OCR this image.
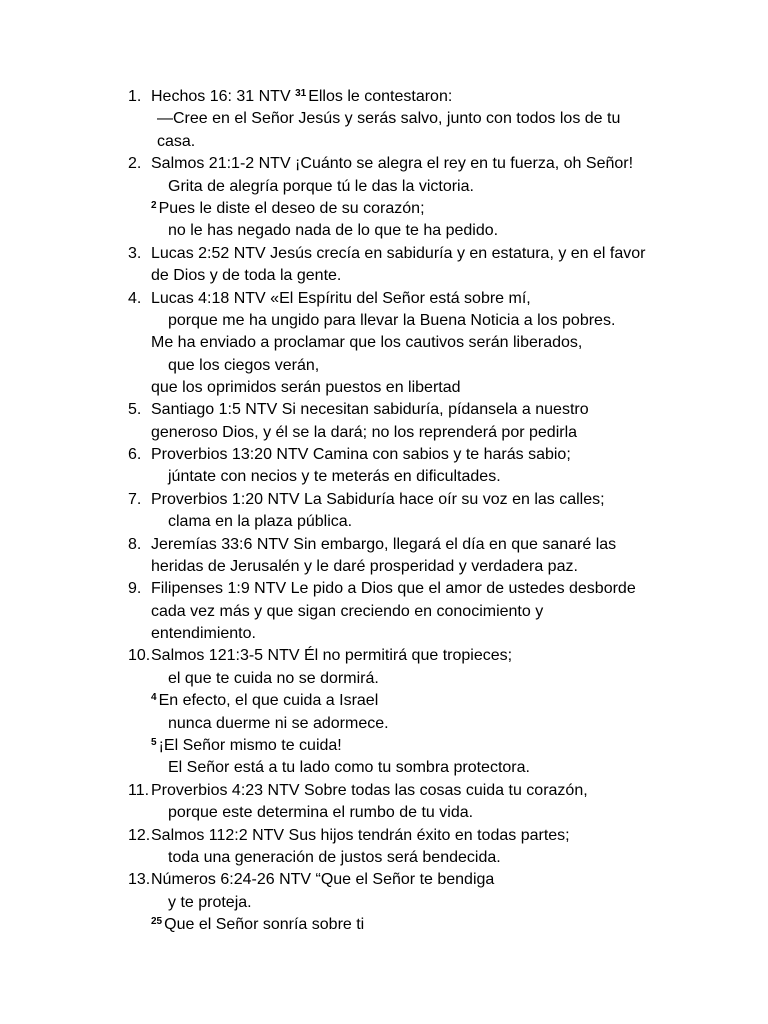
1. Hechos 16: 31 NTV $^{31}$ Ellos le contestaron:
—Cree en el Señor Jesús y serás salvo, junto con todos los de tu
casa.
2. Salmos 21:1-2 NTV ¡Cuánto se alegra el rey en tu fuerza, oh Señor!
Grita de alegría porque tú le das la victoria.
$^2$ Pues le diste el deseo de su corazón;
no le has negado nada de lo que te ha pedido.
3. Lucas 2:52 NTV Jesús crecía en sabiduría y en estatura, y en el favor
de Dios y de toda la gente.
4. Lucas 4:18 NTV «El Espíritu del Señor está sobre mí,
porque me ha ungido para llevar la Buena Noticia a los pobres.
Me ha enviado a proclamar que los cautivos serán liberados,
que los ciegos verán,
que los oprimidos serán puestos en libertad
5. Santiago 1:5 NTV Si necesitan sabiduría, pídansela a nuestro
generoso Dios, y él se la dará; no los reprenderá por pedirla
6. Proverbios 13:20 NTV Camina con sabios y te harás sabio;
júntate con necios y te meterás en dificultades.
7. Proverbios 1:20 NTV La Sabiduría hace oír su voz en las calles;
clama en la plaza pública.
8. Jeremías 33:6 NTV Sin embargo, llegará el día en que sanaré las
heridas de Jerusalén y le daré prosperidad y verdadera paz.
9. Filipenses 1:9 NTV Le pido a Dios que el amor de ustedes desborde
cada vez más y que sigan creciendo en conocimiento y
entendimiento.
10. Salmos 121:3-5 NTV Él no permitirá que tropieces;
el que te cuida no se dormirá.
$^4$ En efecto, el que cuida a Israel
nunca duerme ni se adormece.
$^5$ ¡El Señor mismo te cuida!
El Señor está a tu lado como tu sombra protectora.
11. Proverbios 4:23 NTV Sobre todas las cosas cuida tu corazón,
porque este determina el rumbo de tu vida.
12. Salmos 112:2 NTV Sus hijos tendrán éxito en todas partes;
toda una generación de justos será bendecida.
13. Números 6:24-26 NTV “Que el Señor te bendiga
y te proteja.
$^{25}$ Que el Señor sonría sobre ti
